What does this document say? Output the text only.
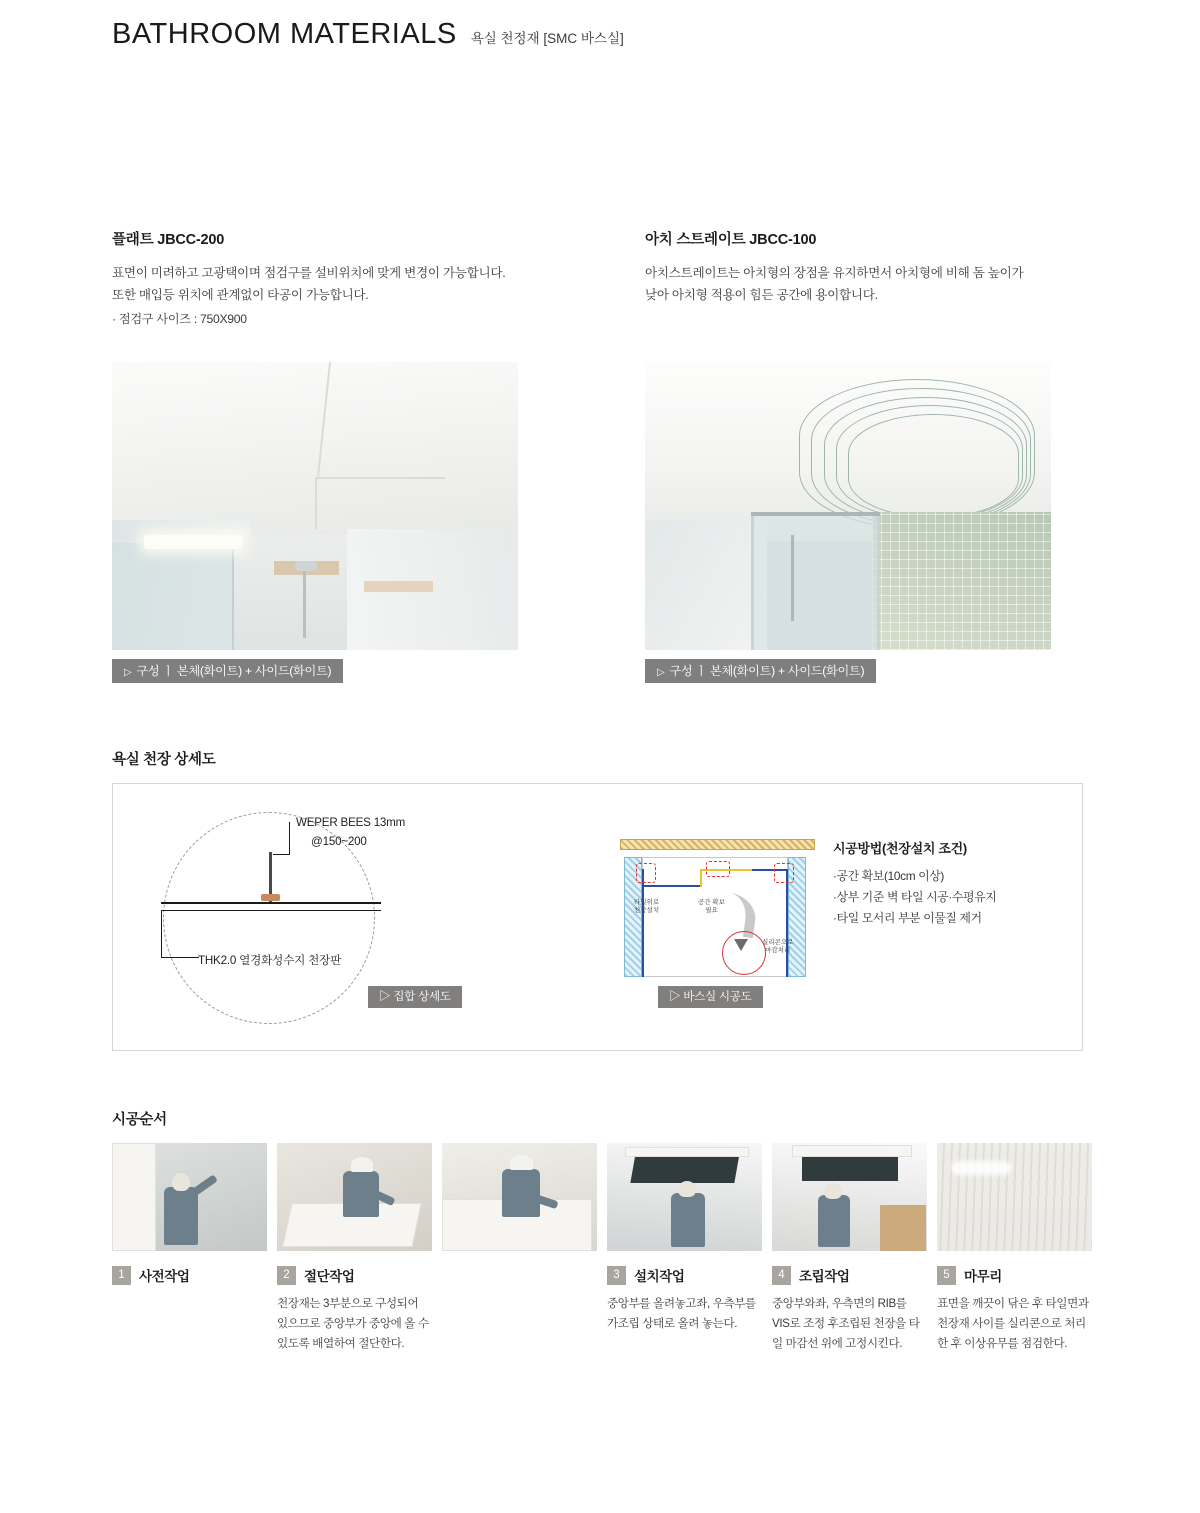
BATHROOM MATERIALS 욕실 천정재 [SMC 바스실]
플래트 JBCC-200
표면이 미려하고 고광택이며 점검구를 설비위치에 맞게 변경이 가능합니다.
또한 매입등 위치에 관계없이 타공이 가능합니다.
· 점검구 사이즈 : 750X900
▷ 구성 ㅣ 본체(화이트) + 사이드(화이트)
아치 스트레이트 JBCC-100
아치스트레이트는 아치형의 장점을 유지하면서 아치형에 비해 돔 높이가
낮아 아치형 적용이 힘든 공간에 용이합니다.
▷ 구성 ㅣ 본체(화이트) + 사이드(화이트)
욕실 천장 상세도
WEPER BEES 13mm
@150~200
THK2.0 열경화성수지 천장판
▷ 집합 상세도
타일위로
천장설치
공간 확보
필요
실리콘으로
마감처리
▷ 바스실 시공도
시공방법(천장설치 조건)
·공간 확보(10cm 이상)
·상부 기준 벽 타일 시공·수평유지
·타일 모서리 부분 이물질 제거
시공순서
1	사전작업	2	절단작업
천장재는 3부분으로 구성되어 있으므로 중앙부가 중앙에 올 수 있도록 배열하여 절단한다.
3	설치작업
중앙부를 올려놓고좌, 우측부를 가조립 상태로 올려 놓는다.
4	조립작업
중앙부와좌, 우측면의 RIB를 VIS로 조정 후조립된 천장을 타일 마감선 위에 고정시킨다.
5	마무리
표면을 깨끗이 닦은 후 타일면과 천장재 사이를 실리콘으로 처리한 후 이상유무를 점검한다.
